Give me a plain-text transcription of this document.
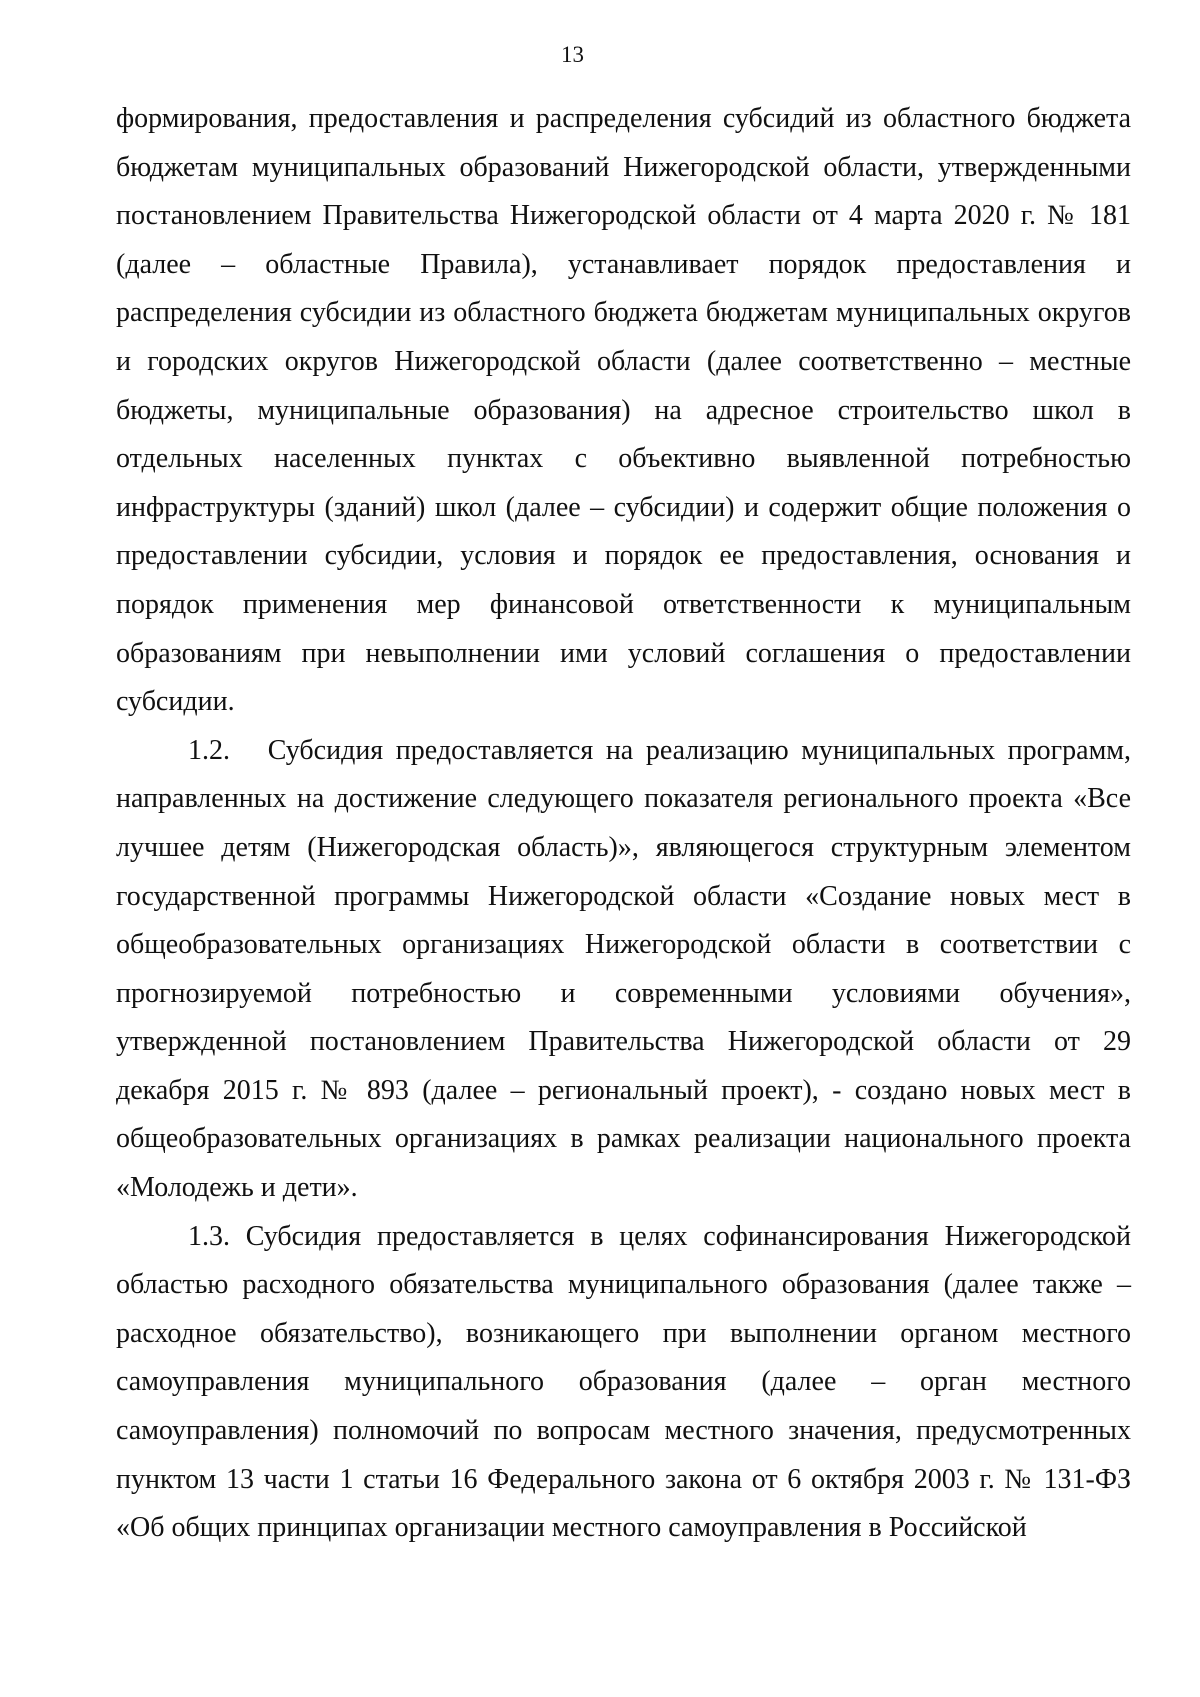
13

формирования, предоставления и распределения субсидий из областного бюджета бюджетам муниципальных образований Нижегородской области, утвержденными постановлением Правительства Нижегородской области от 4 марта 2020 г. № 181 (далее – областные Правила), устанавливает порядок предоставления и распределения субсидии из областного бюджета бюджетам муниципальных округов и городских округов Нижегородской области (далее соответственно – местные бюджеты, муниципальные образования) на адресное строительство школ в отдельных населенных пунктах с объективно выявленной потребностью инфраструктуры (зданий) школ (далее – субсидии) и содержит общие положения о предоставлении субсидии, условия и порядок ее предоставления, основания и порядок применения мер финансовой ответственности к муниципальным образованиям при невыполнении ими условий соглашения о предоставлении субсидии.

1.2.   Субсидия предоставляется на реализацию муниципальных программ, направленных на достижение следующего показателя регионального проекта «Все лучшее детям (Нижегородская область)», являющегося структурным элементом государственной программы Нижегородской области «Создание новых мест в общеобразовательных организациях Нижегородской области в соответствии с прогнозируемой потребностью и современными условиями обучения», утвержденной постановлением Правительства Нижегородской области от 29 декабря 2015 г. № 893 (далее – региональный проект), - создано новых мест в общеобразовательных организациях в рамках реализации национального проекта «Молодежь и дети».

1.3. Субсидия предоставляется в целях софинансирования Нижегородской областью расходного обязательства муниципального образования (далее также – расходное обязательство), возникающего при выполнении органом местного самоуправления муниципального образования (далее – орган местного самоуправления) полномочий по вопросам местного значения, предусмотренных пунктом 13 части 1 статьи 16 Федерального закона от 6 октября 2003 г. № 131-ФЗ «Об общих принципах организации местного самоуправления в Российской
